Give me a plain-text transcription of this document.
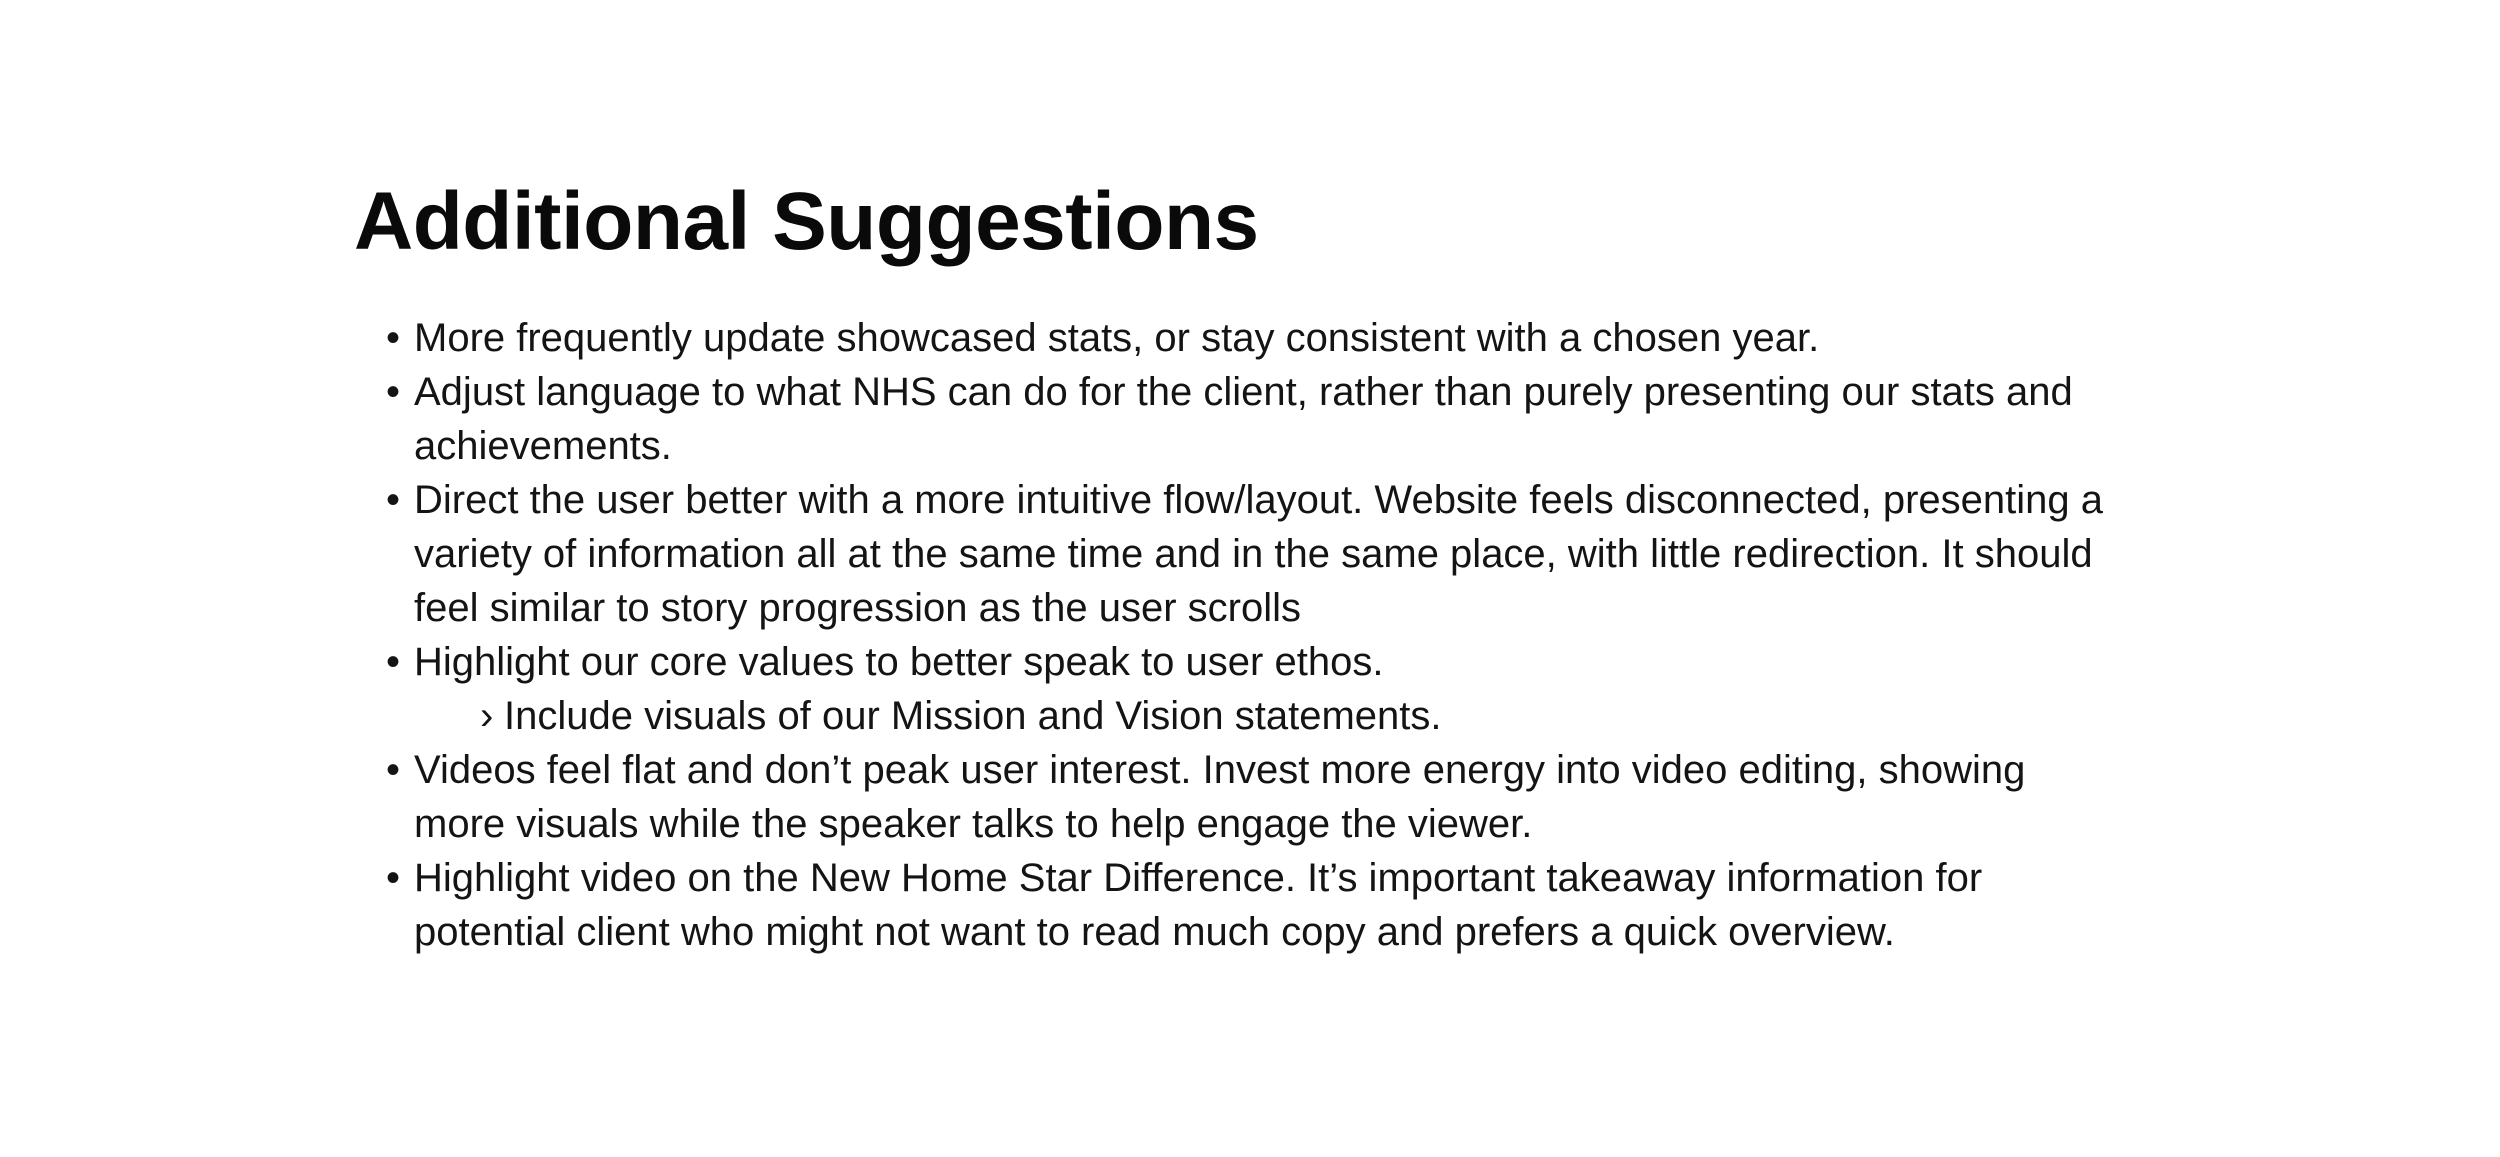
Additional Suggestions
• More frequently update showcased stats, or stay consistent with a chosen year.
• Adjust language to what NHS can do for the client, rather than purely presenting our stats and achievements.
• Direct the user better with a more intuitive flow/layout. Website feels disconnected, presenting a variety of information all at the same time and in the same place, with little redirection. It should feel similar to story progression as the user scrolls
• Highlight our core values to better speak to user ethos.
› Include visuals of our Mission and Vision statements.
• Videos feel flat and don’t peak user interest. Invest more energy into video editing, showing more visuals while the speaker talks to help engage the viewer.
• Highlight video on the New Home Star Difference. It’s important takeaway information for potential client who might not want to read much copy and prefers a quick overview.
